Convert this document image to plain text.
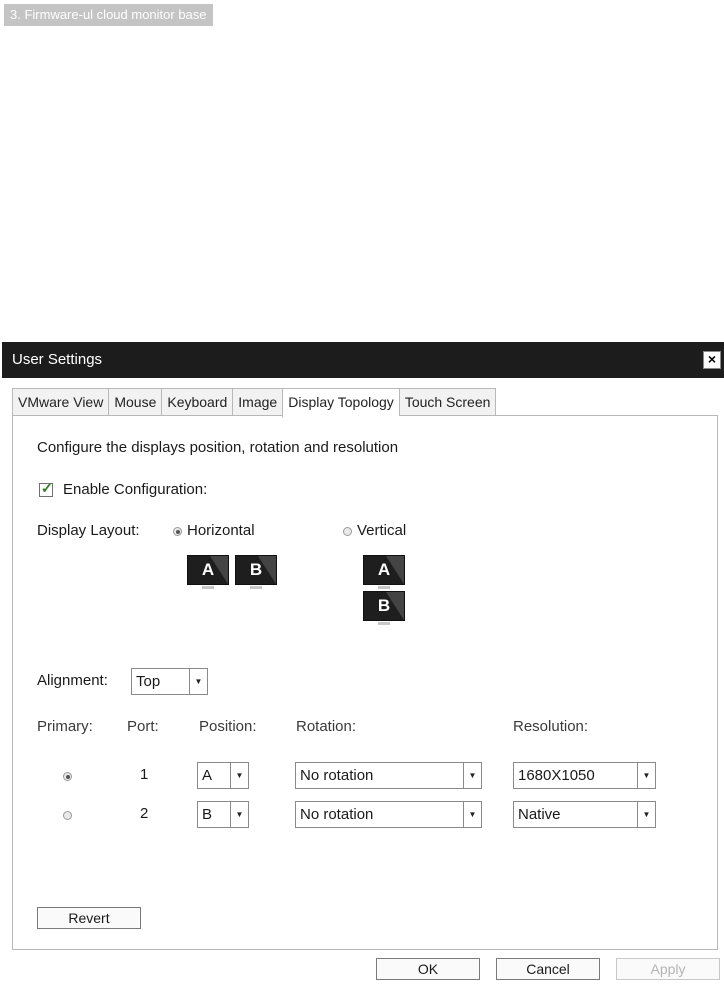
3. Firmware-ul cloud monitor base
User Settings	×
VMware View Mouse Keyboard Image Display Topology Touch Screen
Configure the displays position, rotation and resolution
✓ Enable Configuration:
Display Layout:	Horizontal	Vertical
A	B	A
B
Alignment:	Top	▼
Primary: Port:	Position:	Rotation:	Resolution:
1	A	▼	No rotation	▼	1680X1050	▼
2	B	▼	No rotation	▼	Native	▼
Revert
OK	Cancel	Apply
